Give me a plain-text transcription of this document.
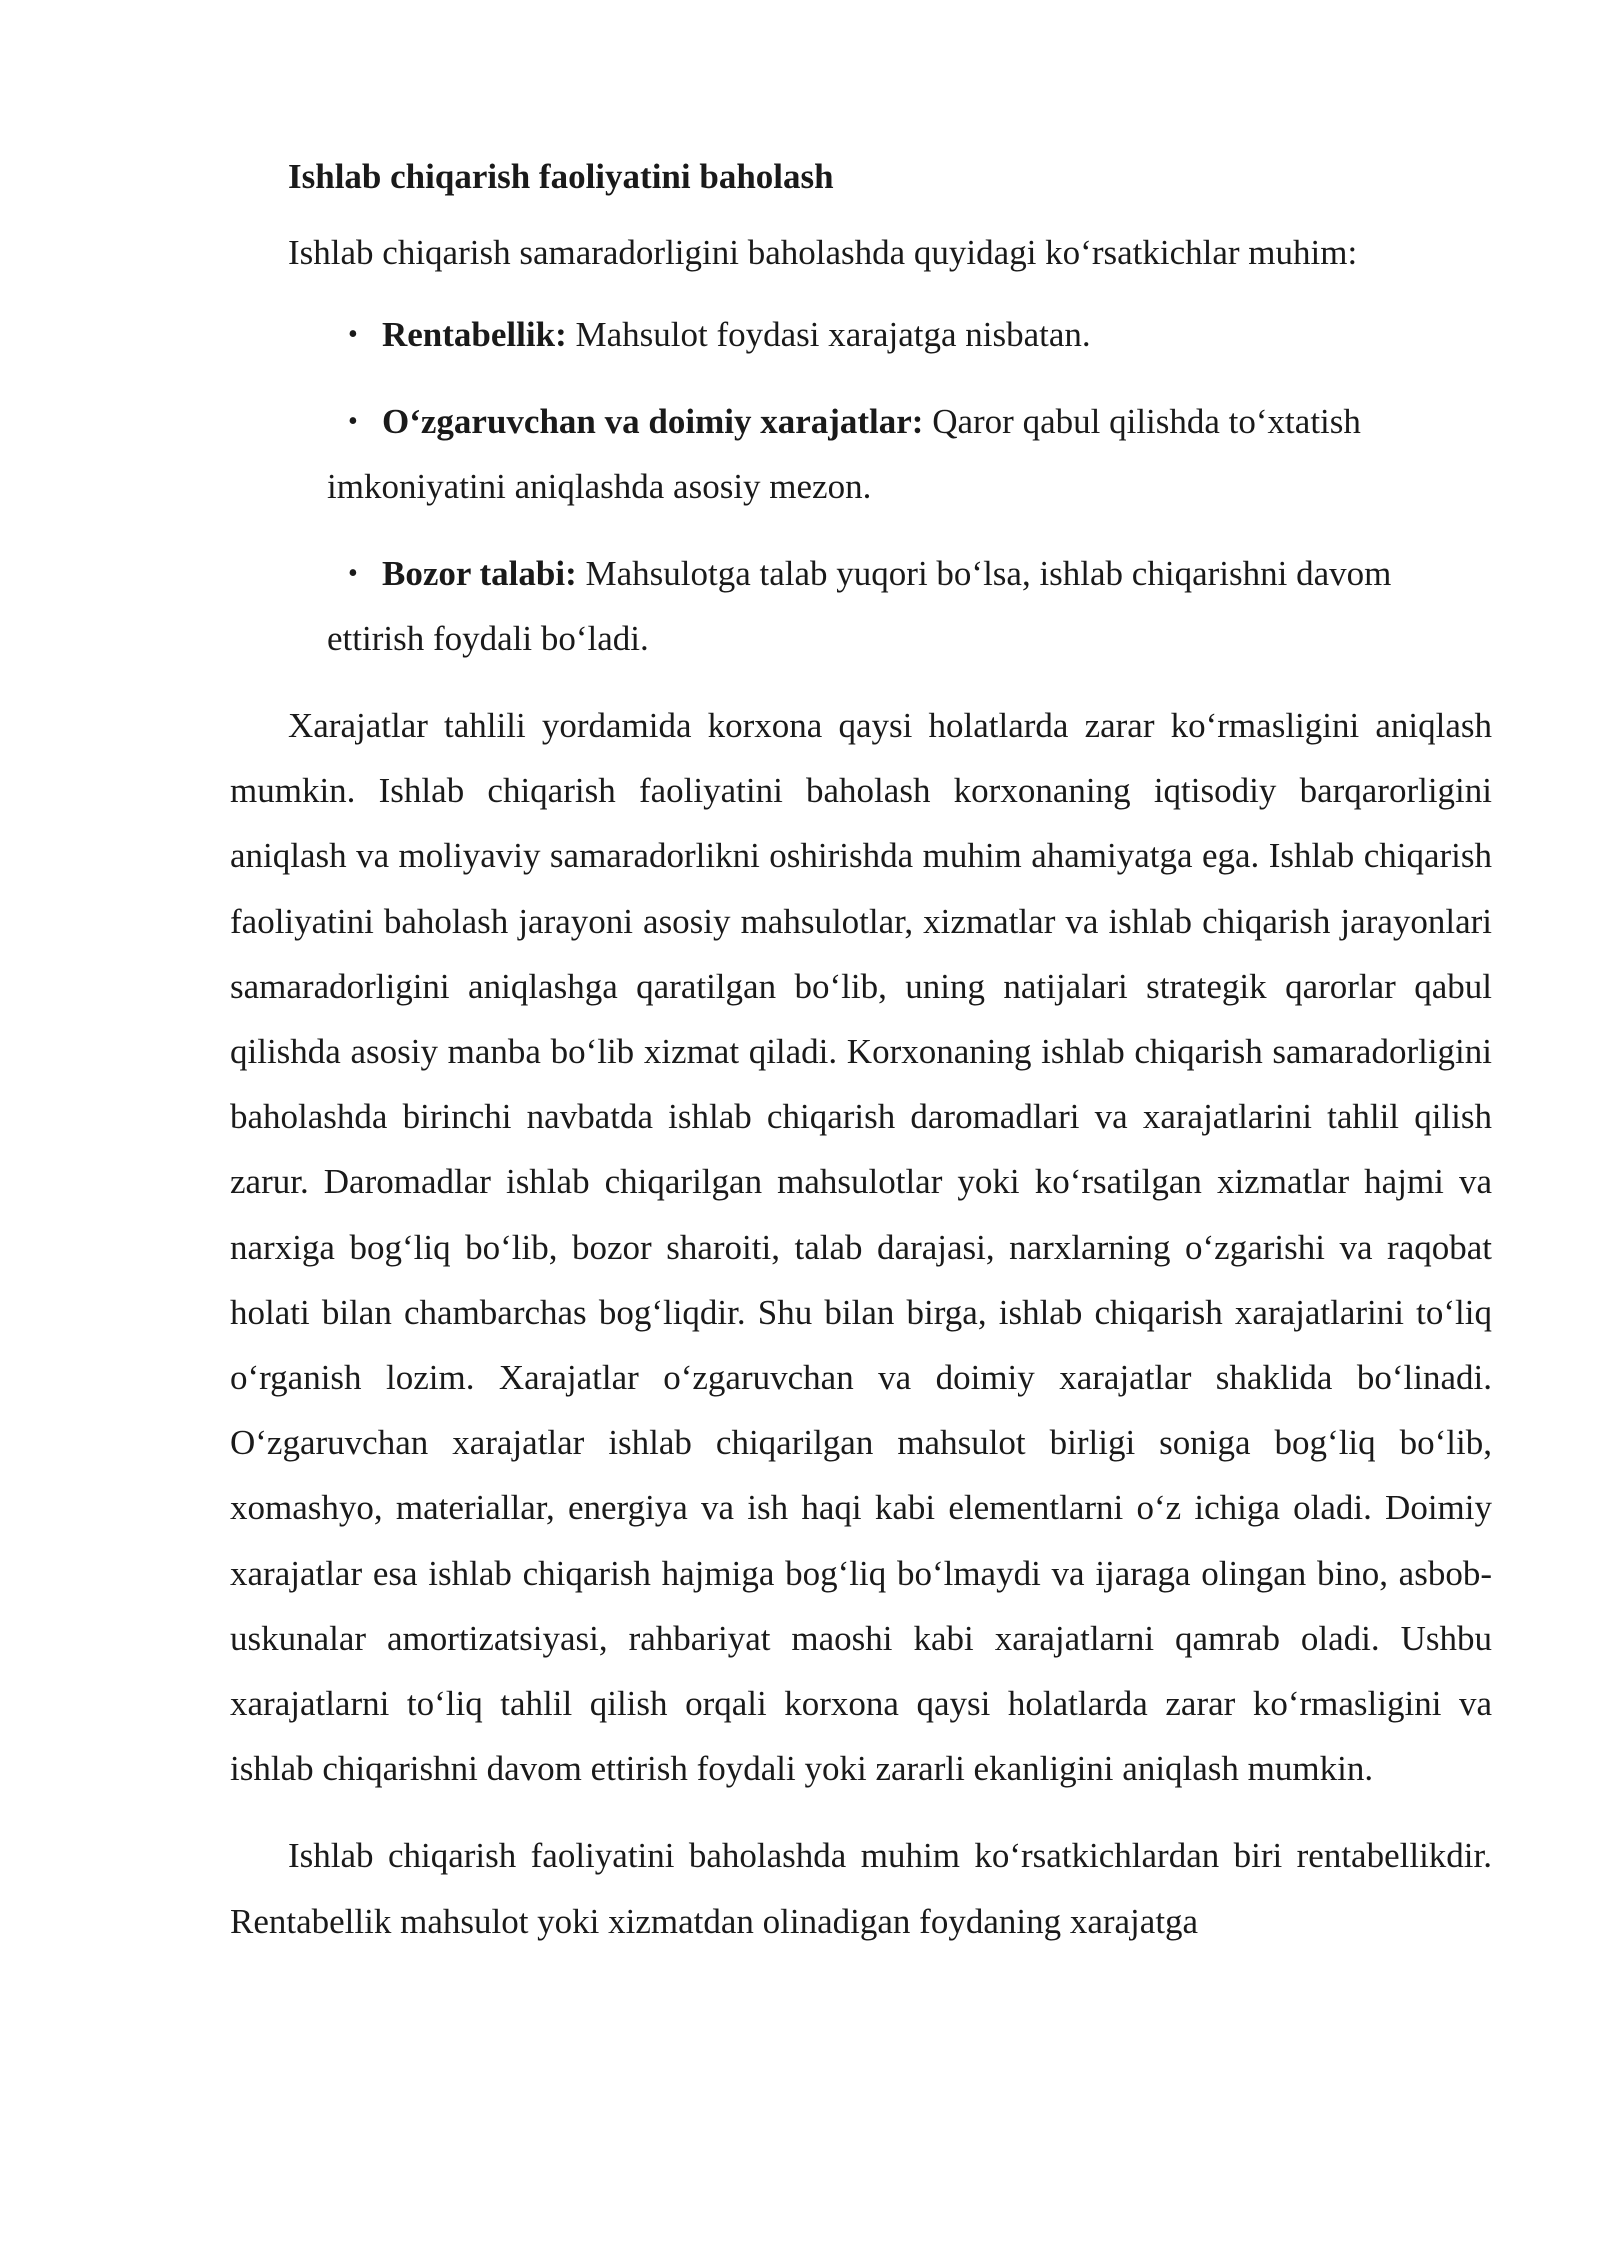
Ishlab chiqarish faoliyatini baholash
Ishlab chiqarish samaradorligini baholashda quyidagi ko‘rsatkichlar muhim:
• Rentabellik: Mahsulot foydasi xarajatga nisbatan.
• O‘zgaruvchan va doimiy xarajatlar: Qaror qabul qilishda to‘xtatish imkoniyatini aniqlashda asosiy mezon.
• Bozor talabi: Mahsulotga talab yuqori bo‘lsa, ishlab chiqarishni davom ettirish foydali bo‘ladi.

Xarajatlar tahlili yordamida korxona qaysi holatlarda zarar ko‘rmasligini aniqlash mumkin. Ishlab chiqarish faoliyatini baholash korxonaning iqtisodiy barqarorligini aniqlash va moliyaviy samaradorlikni oshirishda muhim ahamiyatga ega. Ishlab chiqarish faoliyatini baholash jarayoni asosiy mahsulotlar, xizmatlar va ishlab chiqarish jarayonlari samaradorligini aniqlashga qaratilgan bo‘lib, uning natijalari strategik qarorlar qabul qilishda asosiy manba bo‘lib xizmat qiladi. Korxonaning ishlab chiqarish samaradorligini baholashda birinchi navbatda ishlab chiqarish daromadlari va xarajatlarini tahlil qilish zarur. Daromadlar ishlab chiqarilgan mahsulotlar yoki ko‘rsatilgan xizmatlar hajmi va narxiga bog‘liq bo‘lib, bozor sharoiti, talab darajasi, narxlarning o‘zgarishi va raqobat holati bilan chambarchas bog‘liqdir. Shu bilan birga, ishlab chiqarish xarajatlarini to‘liq o‘rganish lozim. Xarajatlar o‘zgaruvchan va doimiy xarajatlar shaklida bo‘linadi. O‘zgaruvchan xarajatlar ishlab chiqarilgan mahsulot birligi soniga bog‘liq bo‘lib, xomashyo, materiallar, energiya va ish haqi kabi elementlarni o‘z ichiga oladi. Doimiy xarajatlar esa ishlab chiqarish hajmiga bog‘liq bo‘lmaydi va ijaraga olingan bino, asbob-uskunalar amortizatsiyasi, rahbariyat maoshi kabi xarajatlarni qamrab oladi. Ushbu xarajatlarni to‘liq tahlil qilish orqali korxona qaysi holatlarda zarar ko‘rmasligini va ishlab chiqarishni davom ettirish foydali yoki zararli ekanligini aniqlash mumkin.

Ishlab chiqarish faoliyatini baholashda muhim ko‘rsatkichlardan biri rentabellikdir. Rentabellik mahsulot yoki xizmatdan olinadigan foydaning xarajatga
